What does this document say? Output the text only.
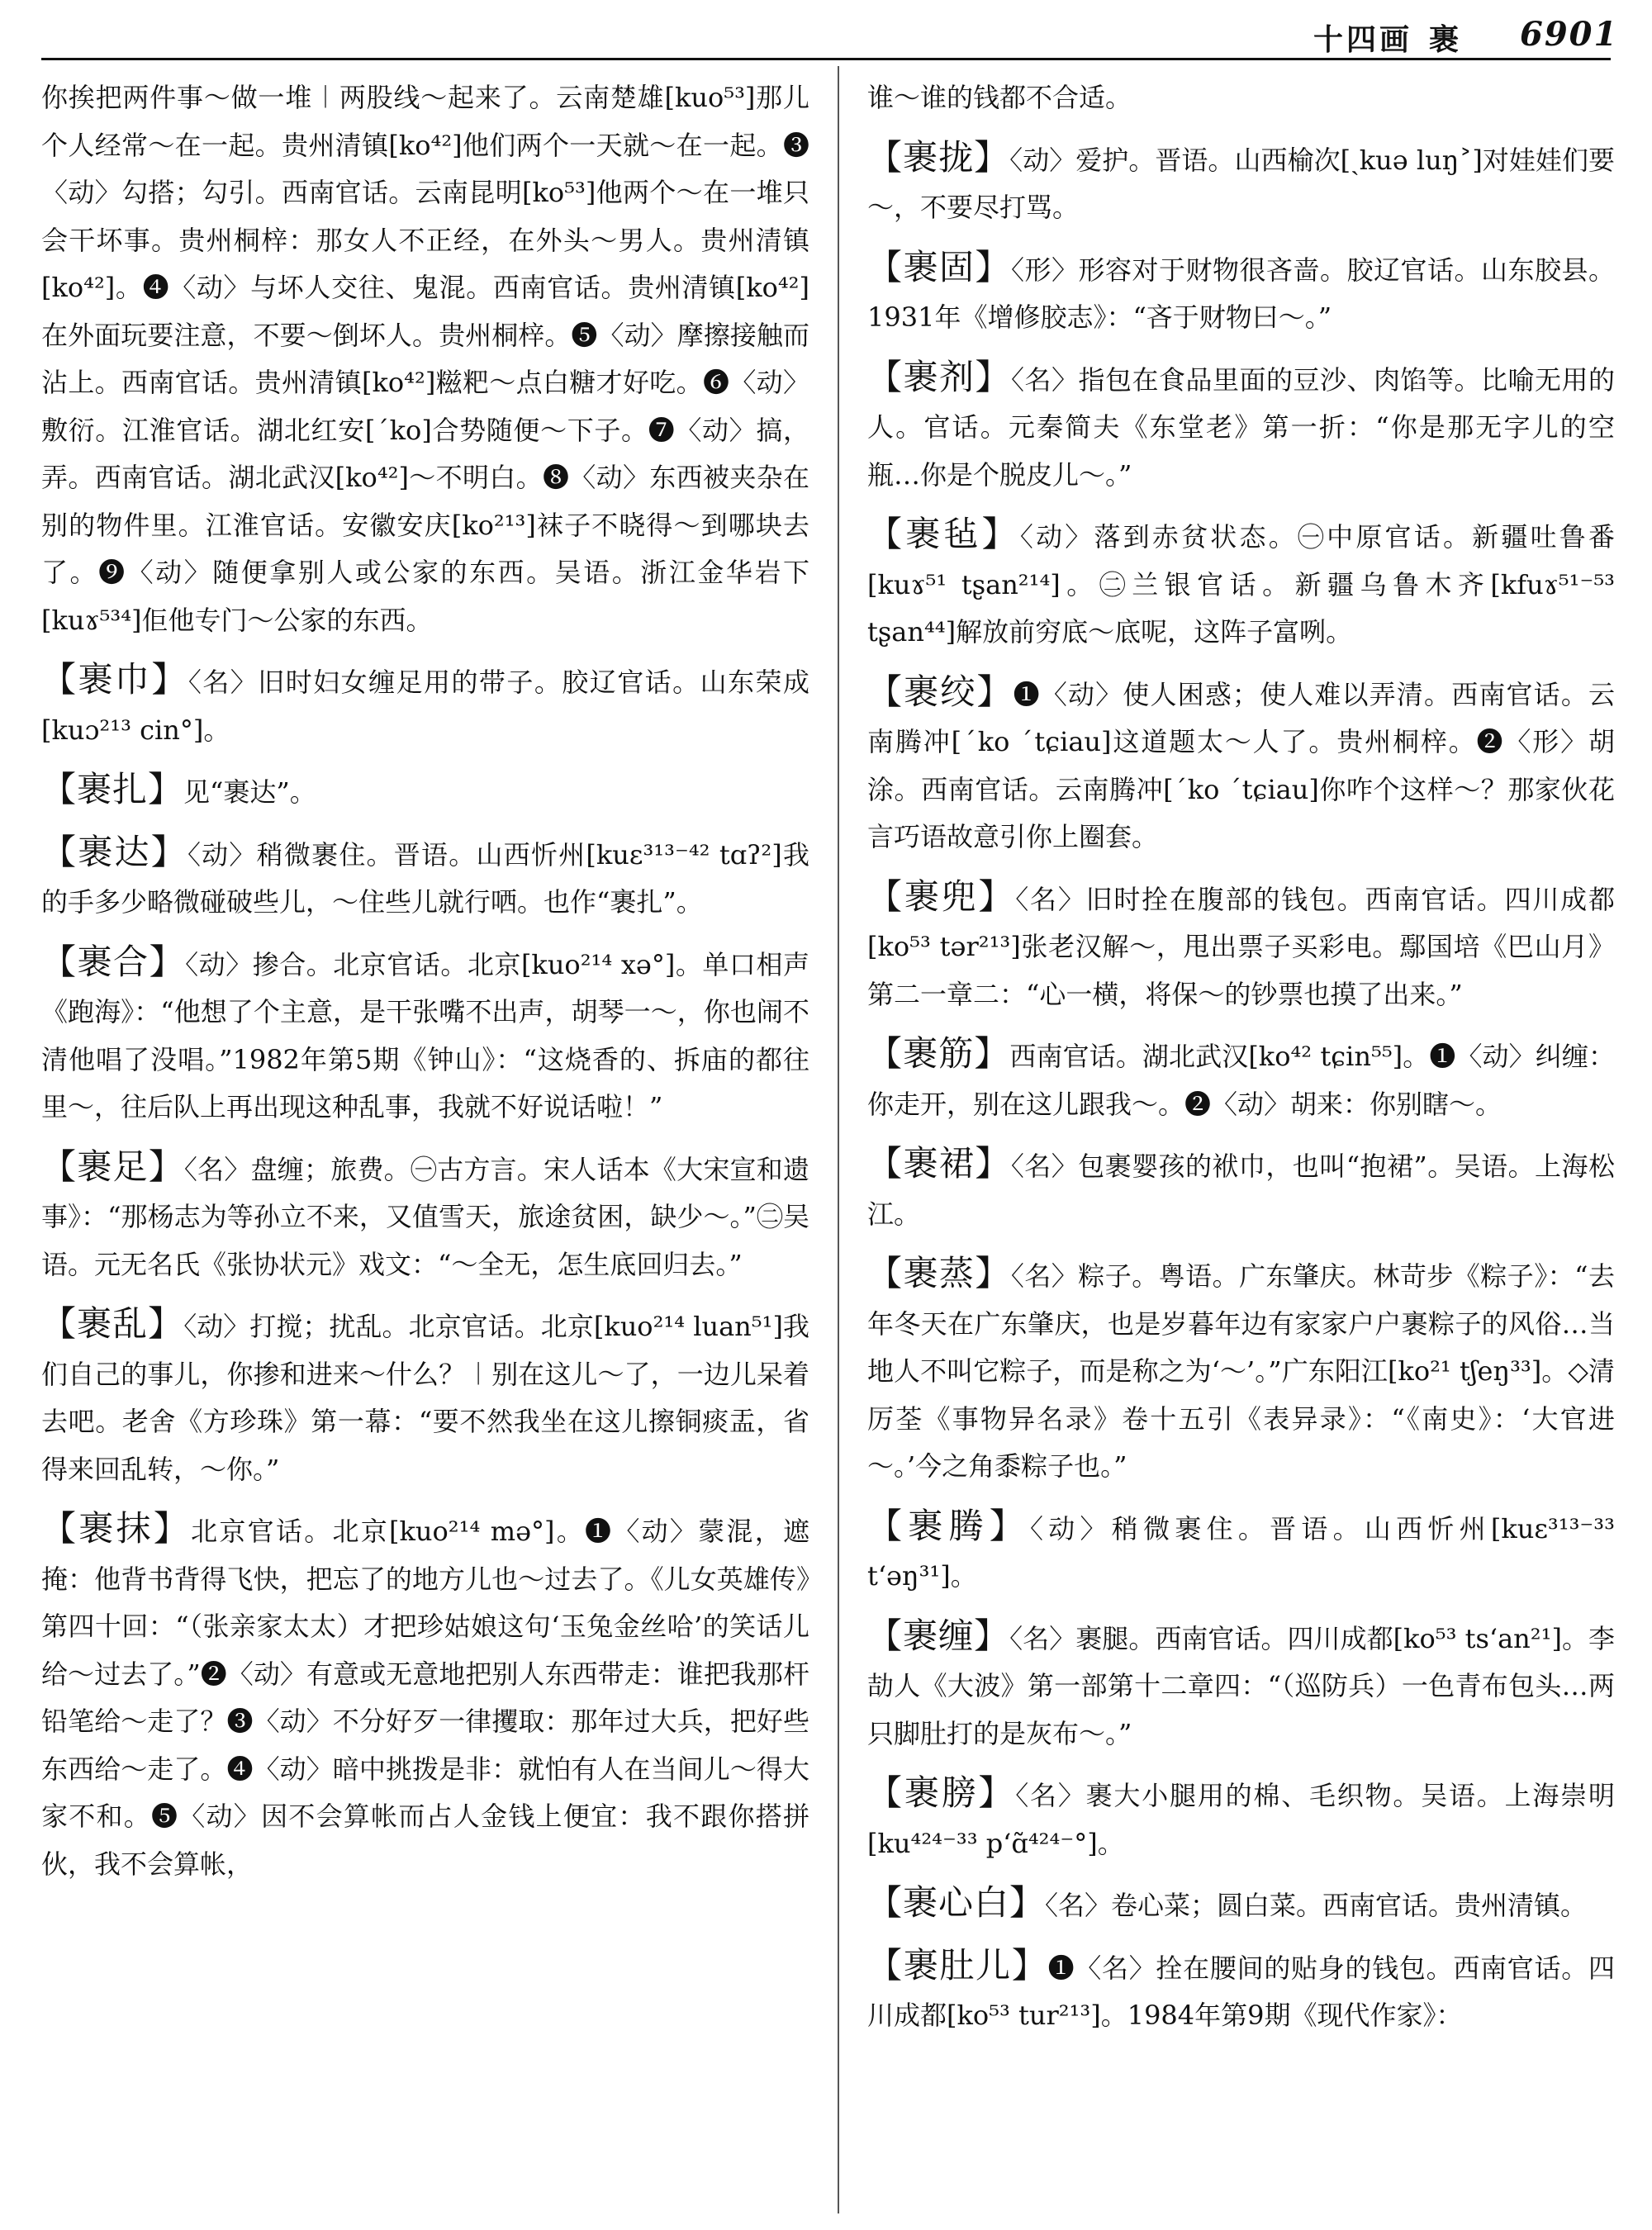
十四画 裹 6901
你挨把两件事～做一堆︱两股线～起来了。云南楚雄[kuo⁵³]那儿个人经常～在一起。贵州清镇[ko⁴²]他们两个一天就～在一起。❸〈动〉勾搭；勾引。西南官话。云南昆明[ko⁵³]他两个～在一堆只会干坏事。贵州桐梓：那女人不正经，在外头～男人。贵州清镇[ko⁴²]。❹〈动〉与坏人交往、鬼混。西南官话。贵州清镇[ko⁴²]在外面玩要注意，不要～倒坏人。贵州桐梓。❺〈动〉摩擦接触而沾上。西南官话。贵州清镇[ko⁴²]糍粑～点白糖才好吃。❻〈动〉敷衍。江淮官话。湖北红安[ˊko]合势随便～下子。❼〈动〉搞，弄。西南官话。湖北武汉[ko⁴²]～不明白。❽〈动〉东西被夹杂在别的物件里。江淮官话。安徽安庆[ko²¹³]袜子不晓得～到哪块去了。❾〈动〉随便拿别人或公家的东西。吴语。浙江金华岩下[kuɤ⁵³⁴]佢他专门～公家的东西。
【裹巾】〈名〉旧时妇女缠足用的带子。胶辽官话。山东荣成[kuɔ²¹³ cin°]。
【裹扎】见“裹达”。
【裹达】〈动〉稍微裹住。晋语。山西忻州[kuɛ³¹³⁻⁴² tɑʔ²]我的手多少略微碰破些儿，～住些儿就行哂。也作“裹扎”。
【裹合】〈动〉掺合。北京官话。北京[kuo²¹⁴ xə°]。单口相声《跑海》：“他想了个主意，是干张嘴不出声，胡琴一～，你也闹不清他唱了没唱。”1982年第5期《钟山》：“这烧香的、拆庙的都往里～，往后队上再出现这种乱事，我就不好说话啦！”
【裹足】〈名〉盘缠；旅费。㊀古方言。宋人话本《大宋宣和遗事》：“那杨志为等孙立不来，又值雪天，旅途贫困，缺少～。”㊁吴语。元无名氏《张协状元》戏文：“～全无，怎生底回归去。”
【裹乱】〈动〉打搅；扰乱。北京官话。北京[kuo²¹⁴ luan⁵¹]我们自己的事儿，你掺和进来～什么？︱别在这儿～了，一边儿呆着去吧。老舍《方珍珠》第一幕：“要不然我坐在这儿擦铜痰盂，省得来回乱转，～你。”
【裹抹】北京官话。北京[kuo²¹⁴ mə°]。❶〈动〉蒙混，遮掩：他背书背得飞快，把忘了的地方儿也～过去了。《儿女英雄传》第四十回：“（张亲家太太）才把珍姑娘这句‘玉兔金丝哈’的笑话儿给～过去了。”❷〈动〉有意或无意地把别人东西带走：谁把我那杆铅笔给～走了？❸〈动〉不分好歹一律攫取：那年过大兵，把好些东西给～走了。❹〈动〉暗中挑拨是非：就怕有人在当间儿～得大家不和。❺〈动〉因不会算帐而占人金钱上便宜：我不跟你搭拼伙，我不会算帐，
谁～谁的钱都不合适。
【裹拢】〈动〉爱护。晋语。山西榆次[ˏkuə luŋ˃]对娃娃们要～，不要尽打骂。
【裹固】〈形〉形容对于财物很吝啬。胶辽官话。山东胶县。1931年《增修胶志》：“吝于财物曰～。”
【裹剂】〈名〉指包在食品里面的豆沙、肉馅等。比喻无用的人。官话。元秦简夫《东堂老》第一折：“你是那无字儿的空瓶…你是个脱皮儿～。”
【裹毡】〈动〉落到赤贫状态。㊀中原官话。新疆吐鲁番[kuɤ⁵¹ tʂan²¹⁴]。㊁兰银官话。新疆乌鲁木齐[kfuɤ⁵¹⁻⁵³ tʂan⁴⁴]解放前穷底～底呢，这阵子富咧。
【裹绞】❶〈动〉使人困惑；使人难以弄清。西南官话。云南腾冲[ˊko ˊtɕiau]这道题太～人了。贵州桐梓。❷〈形〉胡涂。西南官话。云南腾冲[ˊko ˊtɕiau]你咋个这样～？那家伙花言巧语故意引你上圈套。
【裹兜】〈名〉旧时拴在腹部的钱包。西南官话。四川成都[ko⁵³ tər²¹³]张老汉解～，甩出票子买彩电。鄢国培《巴山月》第二一章二：“心一横，将保～的钞票也摸了出来。”
【裹筋】西南官话。湖北武汉[ko⁴² tɕin⁵⁵]。❶〈动〉纠缠：你走开，别在这儿跟我～。❷〈动〉胡来：你别瞎～。
【裹裙】〈名〉包裹婴孩的袱巾，也叫“抱裙”。吴语。上海松江。
【裹蒸】〈名〉粽子。粤语。广东肇庆。林苛步《粽子》：“去年冬天在广东肇庆，也是岁暮年边有家家户户裹粽子的风俗…当地人不叫它粽子，而是称之为‘～’。”广东阳江[ko²¹ tʃeŋ³³]。◇清厉荃《事物异名录》卷十五引《表异录》：“《南史》：‘大官进～。’今之角黍粽子也。”
【裹腾】〈动〉稍微裹住。晋语。山西忻州[kuɛ³¹³⁻³³ tʻəŋ³¹]。
【裹缠】〈名〉裹腿。西南官话。四川成都[ko⁵³ tsʻan²¹]。李劼人《大波》第一部第十二章四：“（巡防兵）一色青布包头…两只脚肚打的是灰布～。”
【裹膀】〈名〉裹大小腿用的棉、毛织物。吴语。上海崇明[ku⁴²⁴⁻³³ pʻɑ̃⁴²⁴⁻°]。
【裹心白】〈名〉卷心菜；圆白菜。西南官话。贵州清镇。
【裹肚儿】❶〈名〉拴在腰间的贴身的钱包。西南官话。四川成都[ko⁵³ tur²¹³]。1984年第9期《现代作家》：
